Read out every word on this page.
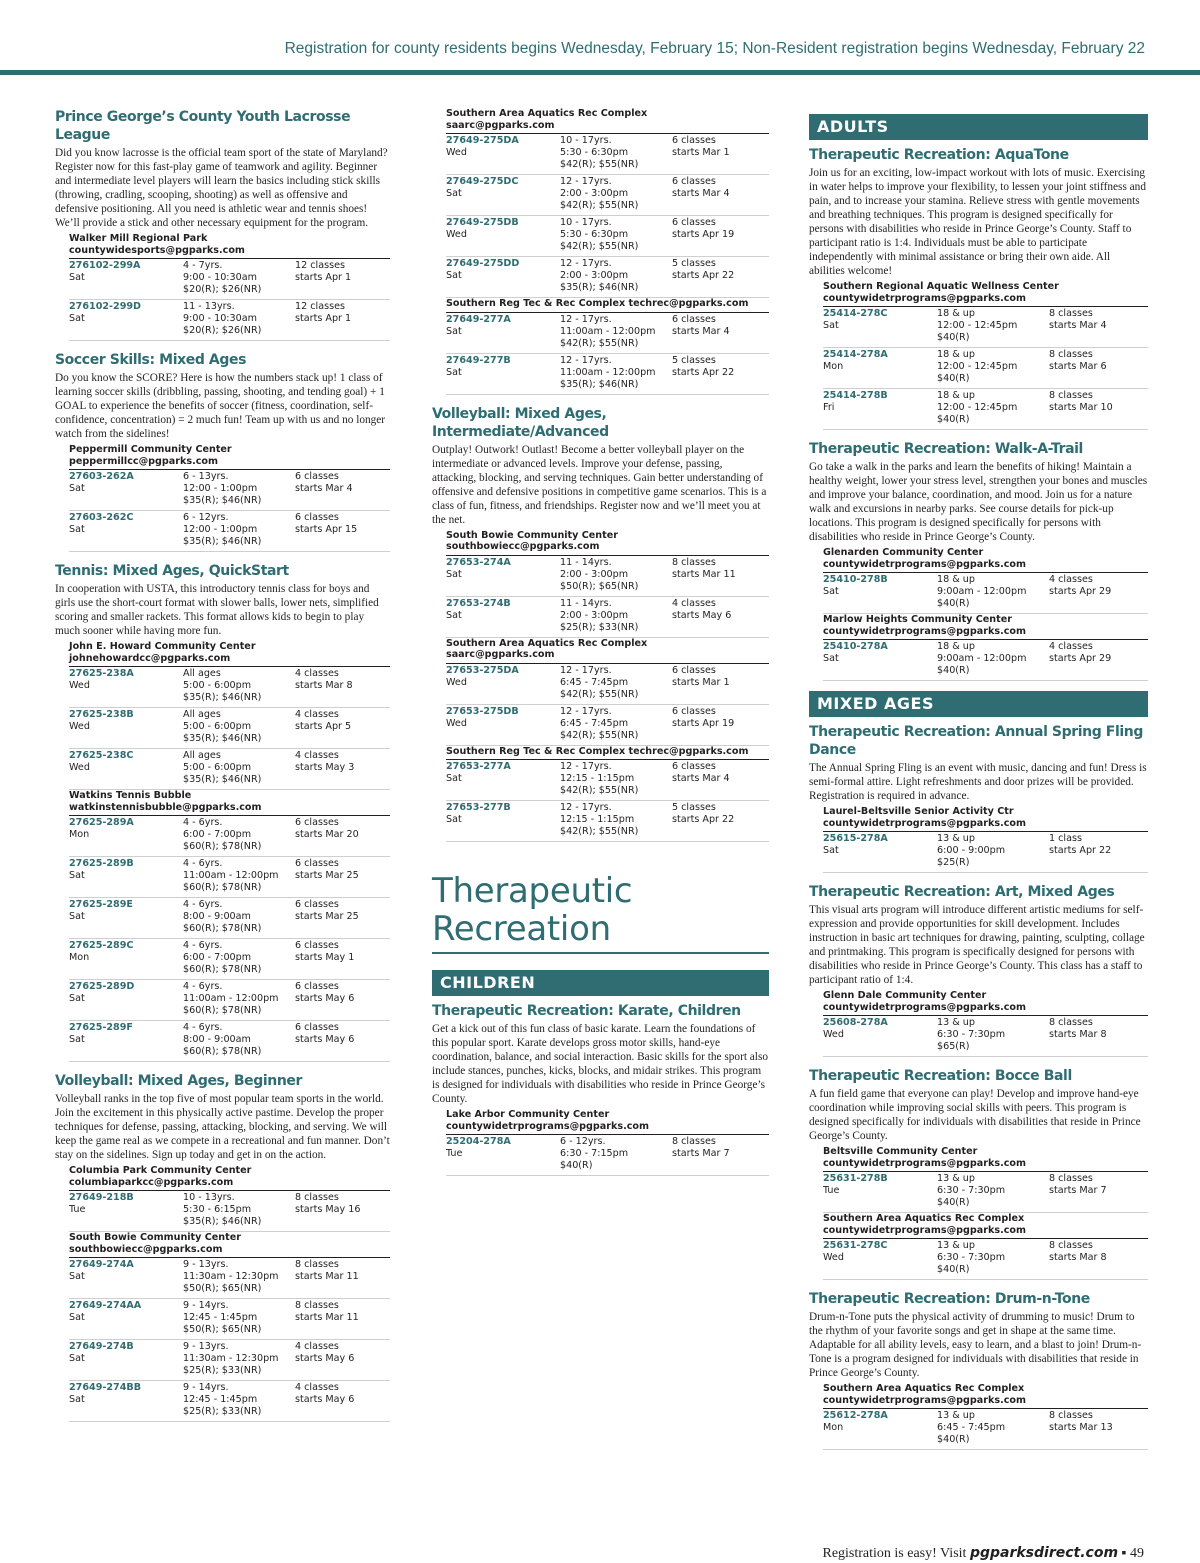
Registration for county residents begins Wednesday, February 15; Non-Resident registration begins Wednesday, February 22
Prince George’s County Youth Lacrosse League

Did you know lacrosse is the official team sport of the state of Maryland? Register now for this fast-play game of teamwork and agility. Beginner and intermediate level players will learn the basics including stick skills (throwing, cradling, scooping, shooting) as well as offensive and defensive positioning. All you need is athletic wear and tennis shoes! We’ll provide a stick and other necessary equipment for the program.

Walker Mill Regional Park
countywidesports@pgparks.com
276102-299A
Sat
4 - 7yrs.
9:00 - 10:30am
$20(R); $26(NR)
12 classes
starts Apr 1
276102-299D
Sat
11 - 13yrs.
9:00 - 10:30am
$20(R); $26(NR)
12 classes
starts Apr 1
Soccer Skills: Mixed Ages

Do you know the SCORE? Here is how the numbers stack up! 1 class of learning soccer skills (dribbling, passing, shooting, and tending goal) + 1 GOAL to experience the benefits of soccer (fitness, coordination, self-confidence, concentration) = 2 much fun! Team up with us and no longer watch from the sidelines!

Peppermill Community Center
peppermillcc@pgparks.com
27603-262A
Sat
6 - 13yrs.
12:00 - 1:00pm
$35(R); $46(NR)
6 classes
starts Mar 4
27603-262C
Sat
6 - 12yrs.
12:00 - 1:00pm
$35(R); $46(NR)
6 classes
starts Apr 15
Tennis: Mixed Ages, QuickStart

In cooperation with USTA, this introductory tennis class for boys and girls use the short-court format with slower balls, lower nets, simplified scoring and smaller rackets. This format allows kids to begin to play much sooner while having more fun.

John E. Howard Community Center
johnehowardcc@pgparks.com
27625-238A
Wed
All ages
5:00 - 6:00pm
$35(R); $46(NR)
4 classes
starts Mar 8
27625-238B
Wed
All ages
5:00 - 6:00pm
$35(R); $46(NR)
4 classes
starts Apr 5
27625-238C
Wed
All ages
5:00 - 6:00pm
$35(R); $46(NR)
4 classes
starts May 3
Watkins Tennis Bubble
watkinstennisbubble@pgparks.com
27625-289A
Mon
4 - 6yrs.
6:00 - 7:00pm
$60(R); $78(NR)
6 classes
starts Mar 20
27625-289B
Sat
4 - 6yrs.
11:00am - 12:00pm
$60(R); $78(NR)
6 classes
starts Mar 25
27625-289E
Sat
4 - 6yrs.
8:00 - 9:00am
$60(R); $78(NR)
6 classes
starts Mar 25
27625-289C
Mon
4 - 6yrs.
6:00 - 7:00pm
$60(R); $78(NR)
6 classes
starts May 1
27625-289D
Sat
4 - 6yrs.
11:00am - 12:00pm
$60(R); $78(NR)
6 classes
starts May 6
27625-289F
Sat
4 - 6yrs.
8:00 - 9:00am
$60(R); $78(NR)
6 classes
starts May 6
Volleyball: Mixed Ages, Beginner

Volleyball ranks in the top five of most popular team sports in the world. Join the excitement in this physically active pastime. Develop the proper techniques for defense, passing, attacking, blocking, and serving. We will keep the game real as we compete in a recreational and fun manner. Don’t stay on the sidelines. Sign up today and get in on the action.

Columbia Park Community Center
columbiaparkcc@pgparks.com
27649-218B
Tue
10 - 13yrs.
5:30 - 6:15pm
$35(R); $46(NR)
8 classes
starts May 16
South Bowie Community Center
southbowiecc@pgparks.com
27649-274A
Sat
9 - 13yrs.
11:30am - 12:30pm
$50(R); $65(NR)
8 classes
starts Mar 11
27649-274AA
Sat
9 - 14yrs.
12:45 - 1:45pm
$50(R); $65(NR)
8 classes
starts Mar 11
27649-274B
Sat
9 - 13yrs.
11:30am - 12:30pm
$25(R); $33(NR)
4 classes
starts May 6
27649-274BB
Sat
9 - 14yrs.
12:45 - 1:45pm
$25(R); $33(NR)
4 classes
starts May 6
Southern Area Aquatics Rec Complex
saarc@pgparks.com
27649-275DA
Wed
10 - 17yrs.
5:30 - 6:30pm
$42(R); $55(NR)
6 classes
starts Mar 1
27649-275DC
Sat
12 - 17yrs.
2:00 - 3:00pm
$42(R); $55(NR)
6 classes
starts Mar 4
27649-275DB
Wed
10 - 17yrs.
5:30 - 6:30pm
$42(R); $55(NR)
6 classes
starts Apr 19
27649-275DD
Sat
12 - 17yrs.
2:00 - 3:00pm
$35(R); $46(NR)
5 classes
starts Apr 22
Southern Reg Tec & Rec Complex techrec@pgparks.com
27649-277A
Sat
12 - 17yrs.
11:00am - 12:00pm
$42(R); $55(NR)
6 classes
starts Mar 4
27649-277B
Sat
12 - 17yrs.
11:00am - 12:00pm
$35(R); $46(NR)
5 classes
starts Apr 22
Volleyball: Mixed Ages, Intermediate/Advanced

Outplay! Outwork! Outlast! Become a better volleyball player on the intermediate or advanced levels. Improve your defense, passing, attacking, blocking, and serving techniques. Gain better understanding of offensive and defensive positions in competitive game scenarios. This is a class of fun, fitness, and friendships. Register now and we’ll meet you at the net.

South Bowie Community Center
southbowiecc@pgparks.com
27653-274A
Sat
11 - 14yrs.
2:00 - 3:00pm
$50(R); $65(NR)
8 classes
starts Mar 11
27653-274B
Sat
11 - 14yrs.
2:00 - 3:00pm
$25(R); $33(NR)
4 classes
starts May 6
Southern Area Aquatics Rec Complex
saarc@pgparks.com
27653-275DA
Wed
12 - 17yrs.
6:45 - 7:45pm
$42(R); $55(NR)
6 classes
starts Mar 1
27653-275DB
Wed
12 - 17yrs.
6:45 - 7:45pm
$42(R); $55(NR)
6 classes
starts Apr 19
Southern Reg Tec & Rec Complex techrec@pgparks.com
27653-277A
Sat
12 - 17yrs.
12:15 - 1:15pm
$42(R); $55(NR)
6 classes
starts Mar 4
27653-277B
Sat
12 - 17yrs.
12:15 - 1:15pm
$42(R); $55(NR)
5 classes
starts Apr 22
Therapeutic Recreation
CHILDREN
Therapeutic Recreation: Karate, Children

Get a kick out of this fun class of basic karate. Learn the foundations of this popular sport. Karate develops gross motor skills, hand-eye coordination, balance, and social interaction. Basic skills for the sport also include stances, punches, kicks, blocks, and midair strikes. This program is designed for individuals with disabilities who reside in Prince George’s County.

Lake Arbor Community Center
countywidetrprograms@pgparks.com
25204-278A
Tue
6 - 12yrs.
6:30 - 7:15pm
$40(R)
8 classes
starts Mar 7
ADULTS
Therapeutic Recreation: AquaTone

Join us for an exciting, low-impact workout with lots of music. Exercising in water helps to improve your flexibility, to lessen your joint stiffness and pain, and to increase your stamina. Relieve stress with gentle movements and breathing techniques. This program is designed specifically for persons with disabilities who reside in Prince George’s County. Staff to participant ratio is 1:4. Individuals must be able to participate independently with minimal assistance or bring their own aide. All abilities welcome!

Southern Regional Aquatic Wellness Center
countywidetrprograms@pgparks.com
25414-278C
Sat
18 & up
12:00 - 12:45pm
$40(R)
8 classes
starts Mar 4
25414-278A
Mon
18 & up
12:00 - 12:45pm
$40(R)
8 classes
starts Mar 6
25414-278B
Fri
18 & up
12:00 - 12:45pm
$40(R)
8 classes
starts Mar 10
Therapeutic Recreation: Walk-A-Trail

Go take a walk in the parks and learn the benefits of hiking! Maintain a healthy weight, lower your stress level, strengthen your bones and muscles and improve your balance, coordination, and mood. Join us for a nature walk and excursions in nearby parks. See course details for pick-up locations. This program is designed specifically for persons with disabilities who reside in Prince George’s County.

Glenarden Community Center
countywidetrprograms@pgparks.com
25410-278B
Sat
18 & up
9:00am - 12:00pm
$40(R)
4 classes
starts Apr 29
Marlow Heights Community Center
countywidetrprograms@pgparks.com
25410-278A
Sat
18 & up
9:00am - 12:00pm
$40(R)
4 classes
starts Apr 29
MIXED AGES
Therapeutic Recreation: Annual Spring Fling Dance

The Annual Spring Fling is an event with music, dancing and fun! Dress is semi-formal attire. Light refreshments and door prizes will be provided. Registration is required in advance.

Laurel-Beltsville Senior Activity Ctr
countywidetrprograms@pgparks.com
25615-278A
Sat
13 & up
6:00 - 9:00pm
$25(R)
1 class
starts Apr 22
Therapeutic Recreation: Art, Mixed Ages

This visual arts program will introduce different artistic mediums for self-expression and provide opportunities for skill development. Includes instruction in basic art techniques for drawing, painting, sculpting, collage and printmaking. This program is specifically designed for persons with disabilities who reside in Prince George’s County. This class has a staff to participant ratio of 1:4.

Glenn Dale Community Center
countywidetrprograms@pgparks.com
25608-278A
Wed
13 & up
6:30 - 7:30pm
$65(R)
8 classes
starts Mar 8
Therapeutic Recreation: Bocce Ball

A fun field game that everyone can play! Develop and improve hand-eye coordination while improving social skills with peers. This program is designed specifically for individuals with disabilities that reside in Prince George’s County.

Beltsville Community Center
countywidetrprograms@pgparks.com
25631-278B
Tue
13 & up
6:30 - 7:30pm
$40(R)
8 classes
starts Mar 7
Southern Area Aquatics Rec Complex
countywidetrprograms@pgparks.com
25631-278C
Wed
13 & up
6:30 - 7:30pm
$40(R)
8 classes
starts Mar 8
Therapeutic Recreation: Drum-n-Tone

Drum-n-Tone puts the physical activity of drumming to music! Drum to the rhythm of your favorite songs and get in shape at the same time. Adaptable for all ability levels, easy to learn, and a blast to join! Drum-n-Tone is a program designed for individuals with disabilities that reside in Prince George’s County.

Southern Area Aquatics Rec Complex
countywidetrprograms@pgparks.com
25612-278A
Mon
13 & up
6:45 - 7:45pm
$40(R)
8 classes
starts Mar 13
Registration is easy! Visit pgparksdirect.com ▪ 49
